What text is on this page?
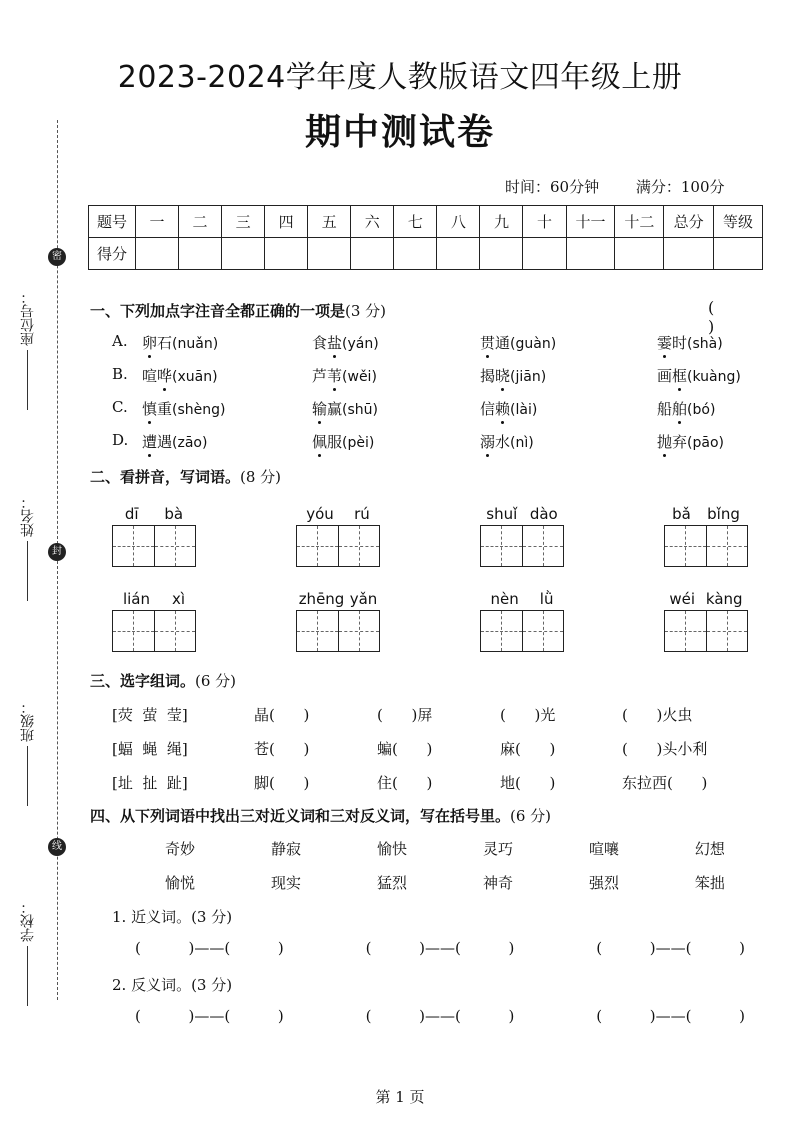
密
封
线
座位号：
姓名：
班级：
学校：
2023-2024学年度人教版语文四年级上册
期中测试卷
时间：60分钟 满分：100分
题号	一	二	三	四	五	六	七	八	九	十	十一	十二	总分	等级
得分														
一、下列加点字注音全都正确的一项是(3 分)	( )
A. 卵石(nuǎn)	食盐(yán)	贯通(guàn)	霎时(shà)
B. 喧哗(xuān)	芦苇(wěi)	揭晓(jiān)	画框(kuàng)
C. 慎重(shèng)	输赢(shū)	信赖(lài)	船舶(bó)
D. 遭遇(zāo)	佩服(pèi)	溺水(nì)	抛弃(pāo)
二、看拼音，写词语。(8 分)
dī bà	yóu rú	shuǐ dào	bǎ bǐng
lián xì	zhēng yǎn	nèn lǜ	wéi kàng
三、选字组词。(6 分)
[荧  萤  莹]	晶(      )	(      )屏	(      )光	(      )火虫
[蝠  蝇  绳]	苍(      )	蝙(      )	麻(      )	(      )头小利
[址  扯  趾]	脚(      )	住(      )	地(      )	东拉西(      )
四、从下列词语中找出三对近义词和三对反义词，写在括号里。(6 分)
奇妙	静寂	愉快	灵巧	喧嚷	幻想
愉悦	现实	猛烈	神奇	强烈	笨拙
1. 近义词。(3 分)
(          )——(          )	(          )——(          )	(          )——(          )
2. 反义词。(3 分)
(          )——(          )	(          )——(          )	(          )——(          )
第 1 页
